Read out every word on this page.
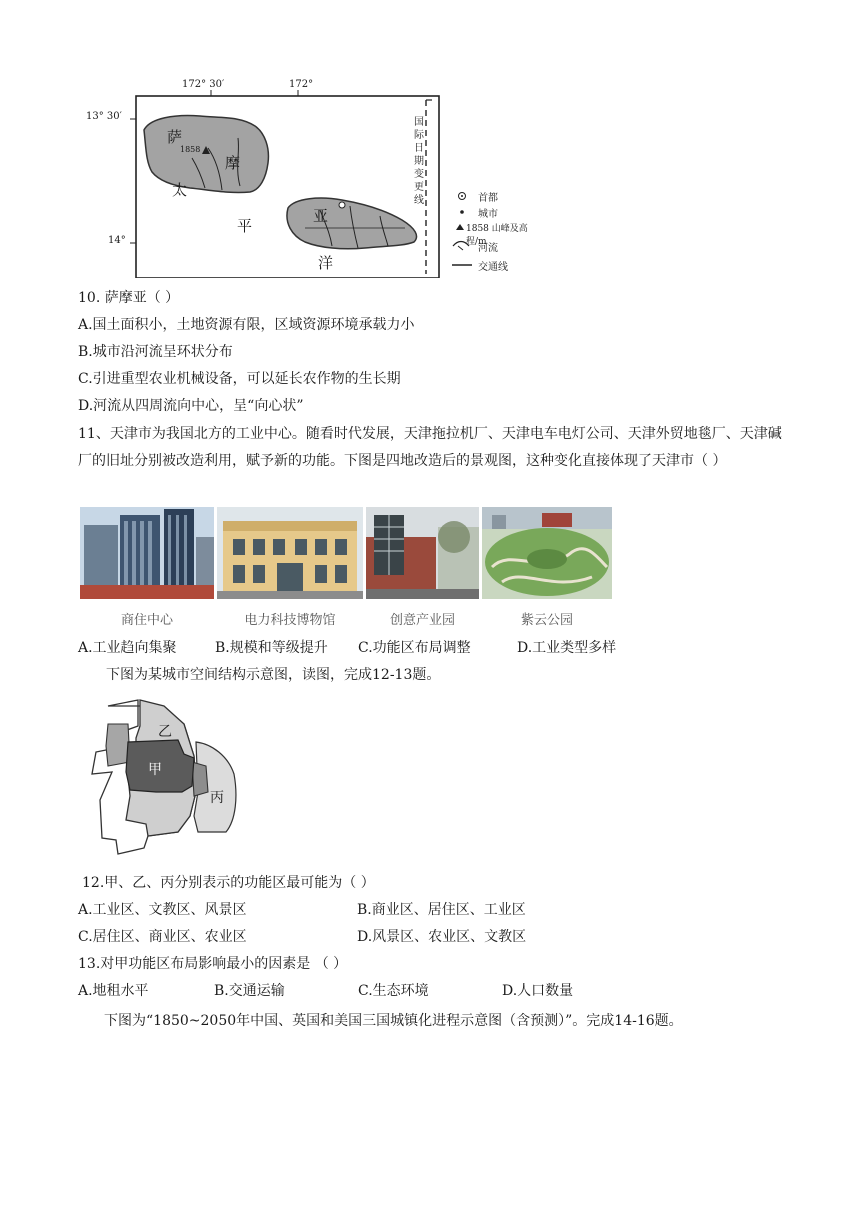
172° 30′	172°
13° 30′
14°
萨
摩
亚
1858
太
平
洋
国
际
日
期
变
更
线	首都
城市
1858 山峰及高程/m
河流
交通线
10. 萨摩亚（ ）
A.国土面积小，土地资源有限，区域资源环境承载力小
B.城市沿河流呈环状分布
C.引进重型农业机械设备，可以延长农作物的生长期
D.河流从四周流向中心，呈“向心状”
11、天津市为我国北方的工业中心。随看时代发展，天津拖拉机厂、天津电车电灯公司、天津外贸地毯厂、天津碱厂的旧址分别被改造利用，赋予新的功能。下图是四地改造后的景观图，这种变化直接体现了天津市（ ）
商住中心	电力科技博物馆	创意产业园	紫云公园
A.工业趋向集聚	B.规模和等级提升 C.功能区布局调整	D.工业类型多样
下图为某城市空间结构示意图，读图，完成12-13题。
乙
甲
丙
12.甲、乙、丙分别表示的功能区最可能为（ ）
A.工业区、文教区、风景区	B.商业区、居住区、工业区
C.居住区、商业区、农业区	D.风景区、农业区、文教区
13.对甲功能区布局影响最小的因素是 （ ）
A.地租水平	B.交通运输	C.生态环境	D.人口数量
下图为“1850~2050年中国、英国和美国三国城镇化进程示意图（含预测）”。完成14-16题。
